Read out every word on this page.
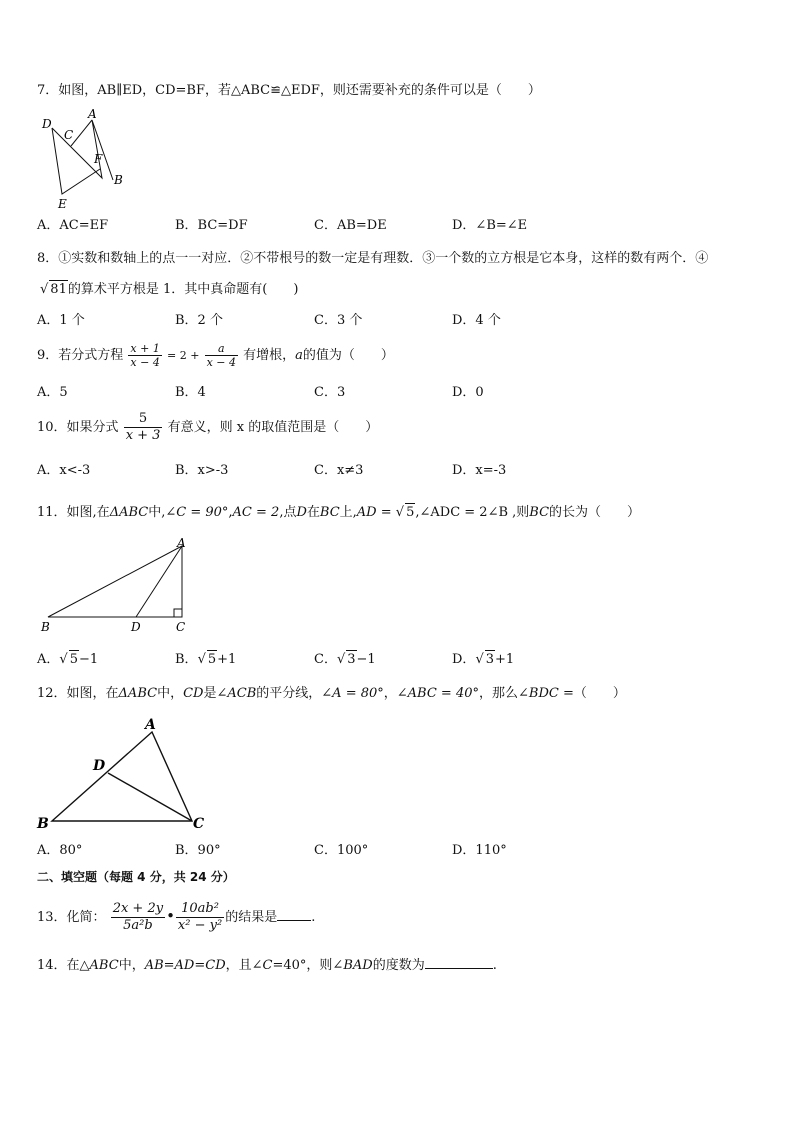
7．如图，AB∥ED，CD=BF，若△ABC≌△EDF，则还需要补充的条件可以是（　　）
D
C
A
F
B
E
A．AC=EF	B．BC=DF	C．AB=DE	D．∠B=∠E
8．①实数和数轴上的点一一对应．②不带根号的数一定是有理数．③一个数的立方根是它本身，这样的数有两个．④
√ 81的算术平方根是 1．其中真命题有(　　)
A．1 个	B．2 个	C．3 个	D．4 个
9．若分式方程 $\frac{x + 1}{x - 4} = 2 + \frac{a}{x - 4}$ 有增根，a的值为（　　）
A．5	B．4	C．3	D．0
10．如果分式 $\frac{5}{x + 3}$ 有意义，则 x 的取值范围是（　　）
A．x<-3	B．x>-3	C．x≠3	D．x=-3
11．如图,在ΔABC中,∠C = 90°,AC = 2,点D在BC上,AD = √ 5,∠ADC = 2∠B ,则BC的长为（　　）
A
B	D	C
A．√ 5−1	B．√ 5+1	C．√ 3−1	D．√ 3+1
12．如图，在ΔABC中，CD是∠ACB的平分线，∠A = 80°，∠ABC = 40°，那么∠BDC =（　　）
A
D
B	C
A．80°	B．90°	C．100°	D．110°
二、填空题（每题 4 分，共 24 分）
13．化简： $\frac{2x + 2y}{\text{5a²b}}$ • $\frac{\text{10ab²}}{\text{x² − y²}}$ 的结果是	.
14．在△ABC中，AB=AD=CD，且∠C=40°，则∠BAD的度数为	.
